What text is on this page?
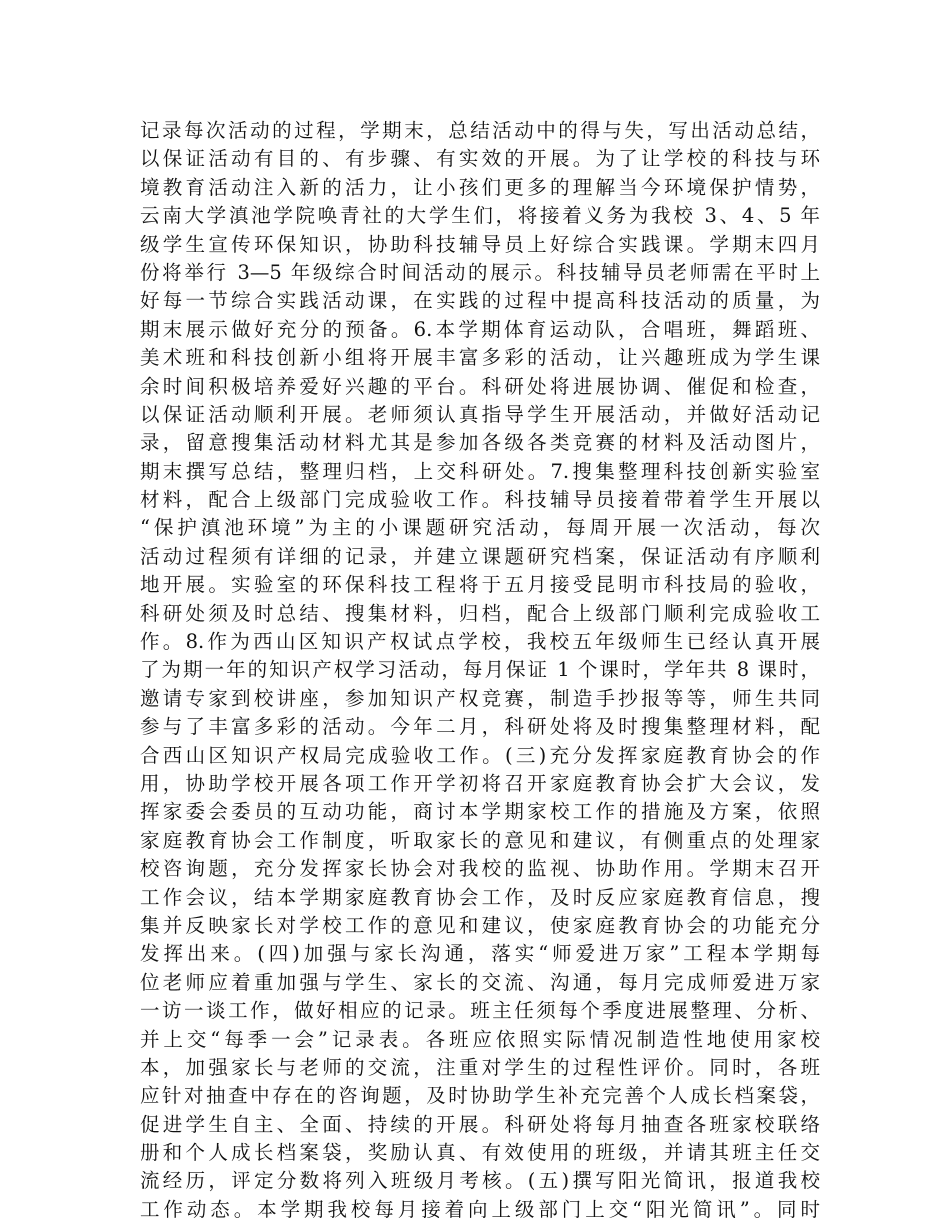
记录每次活动的过程，学期末，总结活动中的得与失，写出活动总结，
以保证活动有目的、有步骤、有实效的开展。为了让学校的科技与环
境教育活动注入新的活力，让小孩们更多的理解当今环境保护情势，
云南大学滇池学院唤青社的大学生们，将接着义务为我校 3、4、5 年
级学生宣传环保知识，协助科技辅导员上好综合实践课。学期末四月
份将举行 3—5 年级综合时间活动的展示。科技辅导员老师需在平时上
好每一节综合实践活动课，在实践的过程中提高科技活动的质量，为
期末展示做好充分的预备。6.本学期体育运动队，合唱班，舞蹈班、
美术班和科技创新小组将开展丰富多彩的活动，让兴趣班成为学生课
余时间积极培养爱好兴趣的平台。科研处将进展协调、催促和检查，
以保证活动顺利开展。老师须认真指导学生开展活动，并做好活动记
录，留意搜集活动材料尤其是参加各级各类竞赛的材料及活动图片，
期末撰写总结，整理归档，上交科研处。7.搜集整理科技创新实验室
材料，配合上级部门完成验收工作。科技辅导员接着带着学生开展以
“保护滇池环境”为主的小课题研究活动，每周开展一次活动，每次
活动过程须有详细的记录，并建立课题研究档案，保证活动有序顺利
地开展。实验室的环保科技工程将于五月接受昆明市科技局的验收，
科研处须及时总结、搜集材料，归档，配合上级部门顺利完成验收工
作。8.作为西山区知识产权试点学校，我校五年级师生已经认真开展
了为期一年的知识产权学习活动，每月保证 1 个课时，学年共 8 课时，
邀请专家到校讲座，参加知识产权竞赛，制造手抄报等等，师生共同
参与了丰富多彩的活动。今年二月，科研处将及时搜集整理材料，配
合西山区知识产权局完成验收工作。(三)充分发挥家庭教育协会的作
用，协助学校开展各项工作开学初将召开家庭教育协会扩大会议，发
挥家委会委员的互动功能，商讨本学期家校工作的措施及方案，依照
家庭教育协会工作制度，听取家长的意见和建议，有侧重点的处理家
校咨询题，充分发挥家长协会对我校的监视、协助作用。学期末召开
工作会议，结本学期家庭教育协会工作，及时反应家庭教育信息，搜
集并反映家长对学校工作的意见和建议，使家庭教育协会的功能充分
发挥出来。(四)加强与家长沟通，落实“师爱进万家”工程本学期每
位老师应着重加强与学生、家长的交流、沟通，每月完成师爱进万家
一访一谈工作，做好相应的记录。班主任须每个季度进展整理、分析、
并上交“每季一会”记录表。各班应依照实际情况制造性地使用家校
本，加强家长与老师的交流，注重对学生的过程性评价。同时，各班
应针对抽查中存在的咨询题，及时协助学生补充完善个人成长档案袋，
促进学生自主、全面、持续的开展。科研处将每月抽查各班家校联络
册和个人成长档案袋，奖励认真、有效使用的班级，并请其班主任交
流经历，评定分数将列入班级月考核。(五)撰写阳光简讯，报道我校
工作动态。本学期我校每月接着向上级部门上交“阳光简讯”。同时
